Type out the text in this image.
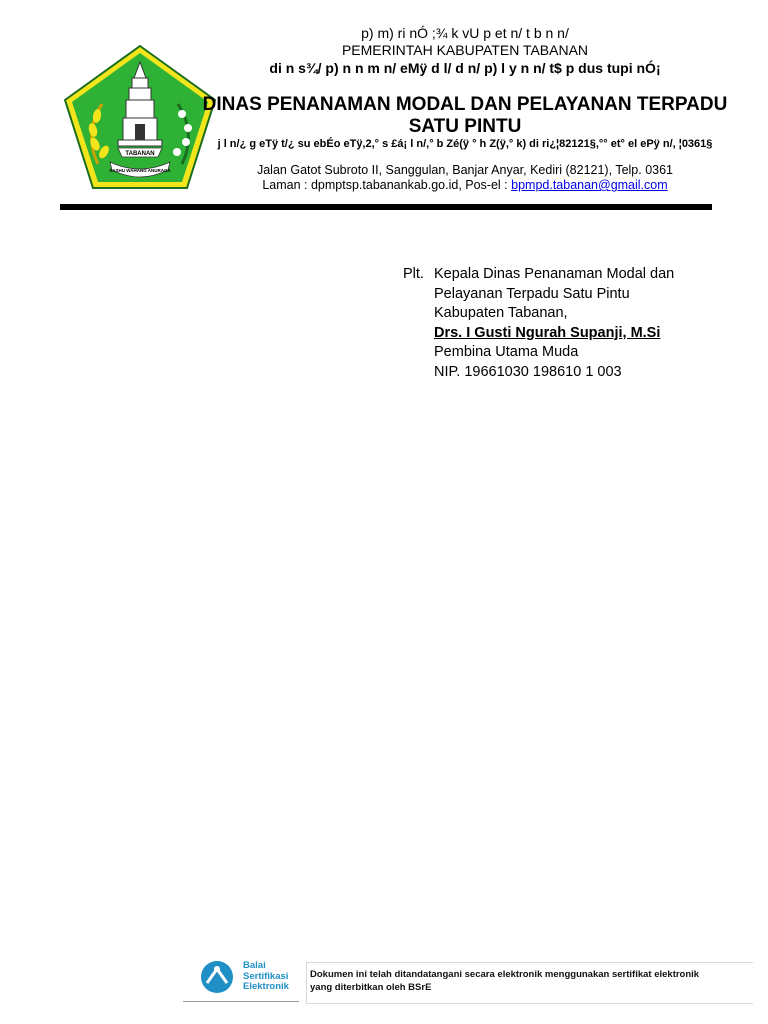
TABANAN
SASHU WAHANG ANURAGA
p) m) ri nÓ ;¾ k vU p et n/ t b n n/
PEMERINTAH KABUPATEN TABANAN
di n s¾/ p) n n m n/ eMÿ d l/ d n/ p) l y n n/ t$ p dus tupi nÓ¡
DINAS PENANAMAN MODAL DAN PELAYANAN TERPADU SATU PINTU
j l n/¿ g eTÿ t/¿ su ebÉo eTÿ,2,° s £á¡ l n/,° b Zé(ÿ ° h Z(ÿ,° k) di ri¿¦82121§,°° et° el ePÿ n/, ¦0361§
Jalan Gatot Subroto II, Sanggulan, Banjar Anyar, Kediri (82121), Telp. 0361
Laman : dpmptsp.tabanankab.go.id, Pos-el : bpmpd.tabanan@gmail.com
Plt. Kepala Dinas Penanaman Modal dan
Pelayanan Terpadu Satu Pintu
Kabupaten Tabanan,
Drs. I Gusti Ngurah Supanji, M.Si
Pembina Utama Muda
NIP. 19661030 198610 1 003
Balai
Sertifikasi
Elektronik
Dokumen ini telah ditandatangani secara elektronik menggunakan sertifikat elektronik
yang diterbitkan oleh BSrE
